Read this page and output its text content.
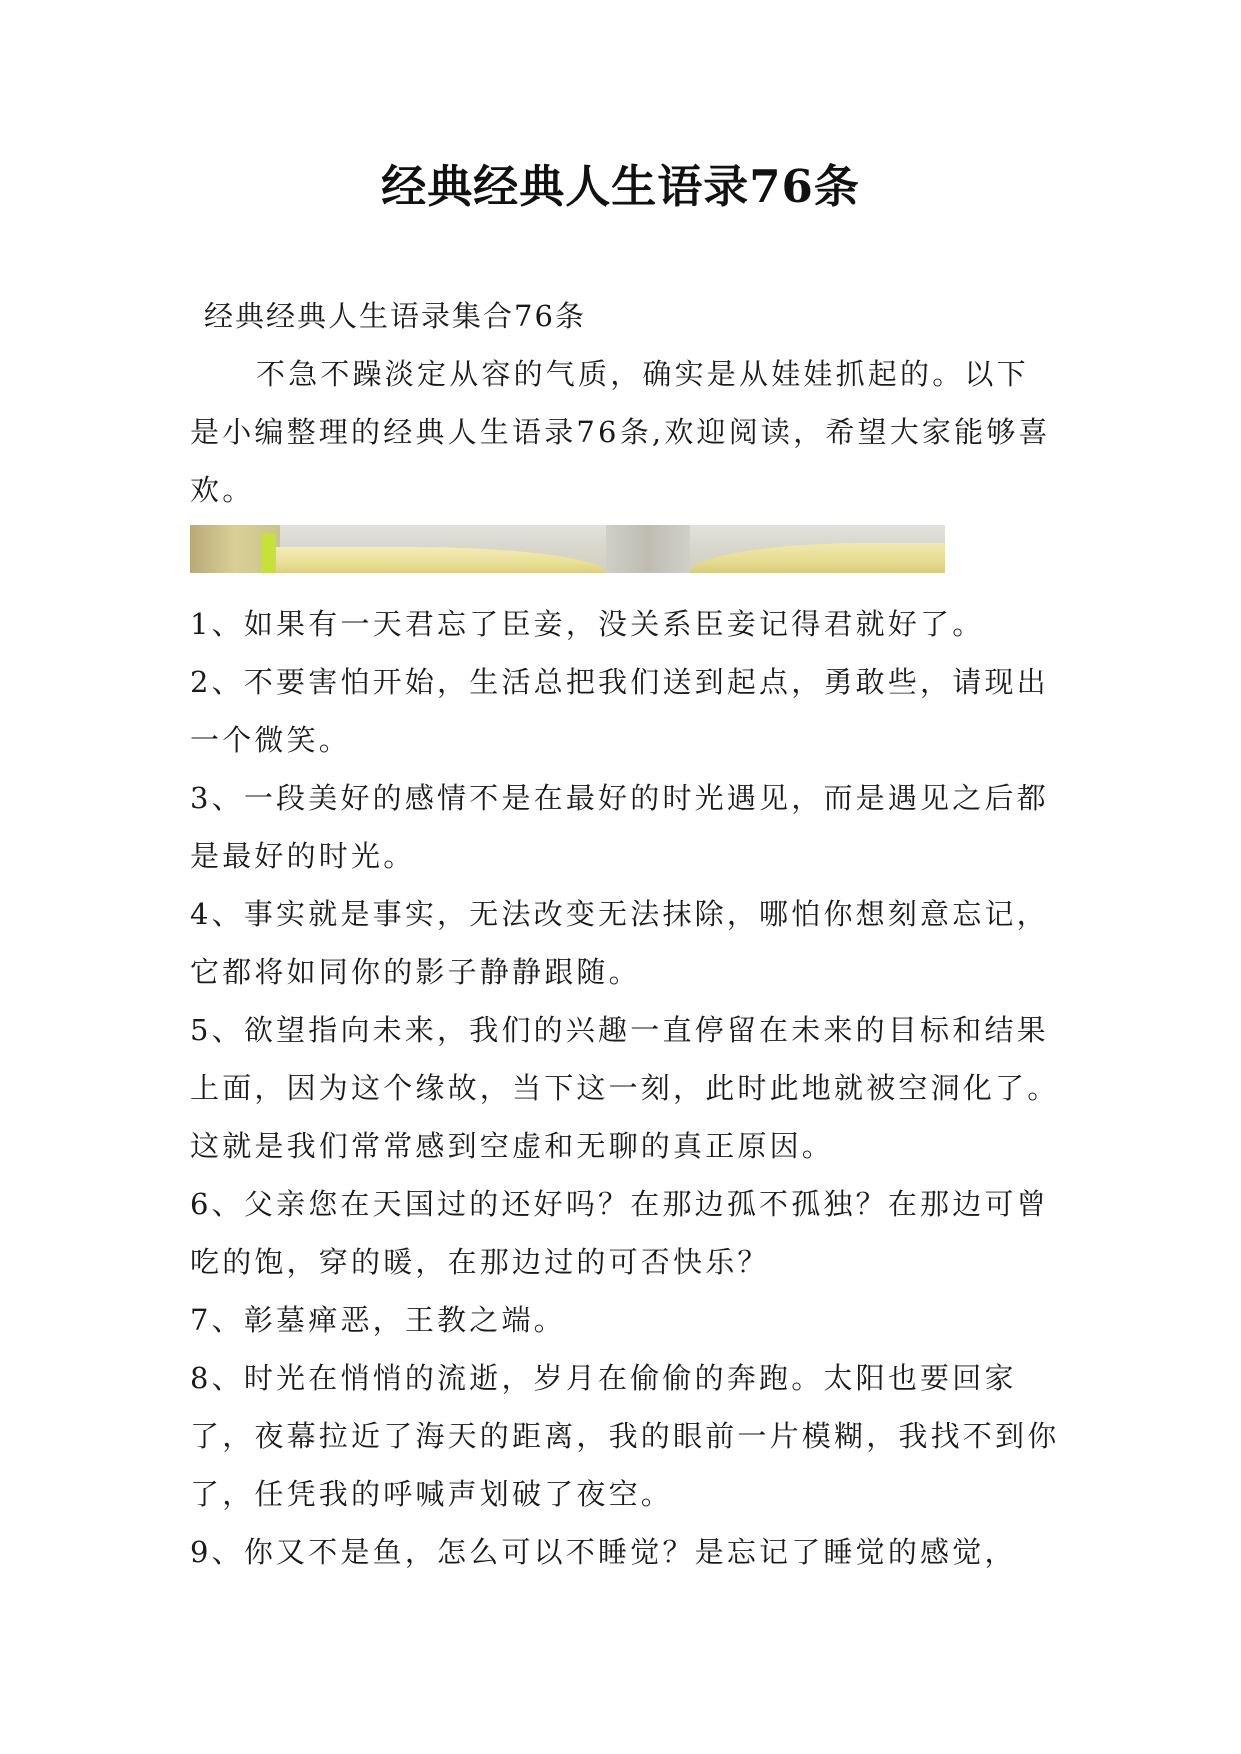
经典经典人生语录76条

经典经典人生语录集合76条

不急不躁淡定从容的气质，确实是从娃娃抓起的。以下是小编整理的经典人生语录76条,欢迎阅读，希望大家能够喜欢。

1、如果有一天君忘了臣妾，没关系臣妾记得君就好了。

2、不要害怕开始，生活总把我们送到起点，勇敢些，请现出一个微笑。

3、一段美好的感情不是在最好的时光遇见，而是遇见之后都是最好的时光。

4、事实就是事实，无法改变无法抹除，哪怕你想刻意忘记，它都将如同你的影子静静跟随。

5、欲望指向未来，我们的兴趣一直停留在未来的目标和结果上面，因为这个缘故，当下这一刻，此时此地就被空洞化了。这就是我们常常感到空虚和无聊的真正原因。

6、父亲您在天国过的还好吗？在那边孤不孤独？在那边可曾吃的饱，穿的暖，在那边过的可否快乐？

7、彰墓瘅恶，王教之端。

8、时光在悄悄的流逝，岁月在偷偷的奔跑。太阳也要回家了，夜幕拉近了海天的距离，我的眼前一片模糊，我找不到你了，任凭我的呼喊声划破了夜空。

9、你又不是鱼，怎么可以不睡觉？是忘记了睡觉的感觉，
